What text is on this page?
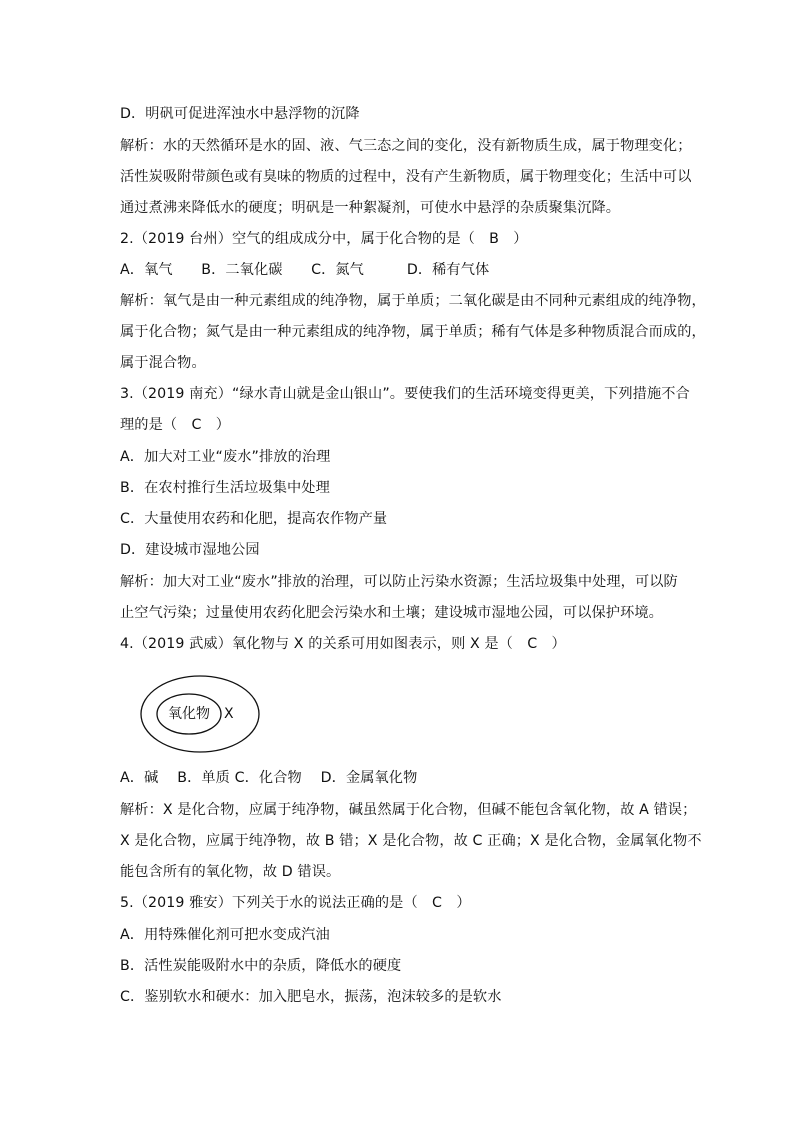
D．明矾可促进浑浊水中悬浮物的沉降
解析：水的天然循环是水的固、液、气三态之间的变化，没有新物质生成，属于物理变化；
活性炭吸附带颜色或有臭味的物质的过程中，没有产生新物质，属于物理变化；生活中可以
通过煮沸来降低水的硬度；明矾是一种絮凝剂，可使水中悬浮的杂质聚集沉降。
2.（2019 台州）空气的组成成分中，属于化合物的是（　B　）
A．氧气　　B．二氧化碳　　C．氮气　　　D．稀有气体
解析：氧气是由一种元素组成的纯净物，属于单质；二氧化碳是由不同种元素组成的纯净物，
属于化合物；氮气是由一种元素组成的纯净物，属于单质；稀有气体是多种物质混合而成的，
属于混合物。
3.（2019 南充）“绿水青山就是金山银山”。要使我们的生活环境变得更美，下列措施不合
理的是（　C　）
A．加大对工业“废水”排放的治理
B．在农村推行生活垃圾集中处理
C．大量使用农药和化肥，提高农作物产量
D．建设城市湿地公园
解析：加大对工业“废水”排放的治理，可以防止污染水资源；生活垃圾集中处理，可以防
止空气污染；过量使用农药化肥会污染水和土壤；建设城市湿地公园，可以保护环境。
4.（2019 武威）氧化物与 X 的关系可用如图表示，则 X 是（　C　）
氧化物 X
A．碱　 B．单质 C．化合物　 D．金属氧化物
解析：X 是化合物，应属于纯净物，碱虽然属于化合物，但碱不能包含氧化物，故 A 错误；
X 是化合物，应属于纯净物，故 B 错；X 是化合物，故 C 正确；X 是化合物，金属氧化物不
能包含所有的氧化物，故 D 错误。
5.（2019 雅安）下列关于水的说法正确的是（　C　）
A．用特殊催化剂可把水变成汽油
B．活性炭能吸附水中的杂质，降低水的硬度
C．鉴别软水和硬水：加入肥皂水，振荡，泡沫较多的是软水
